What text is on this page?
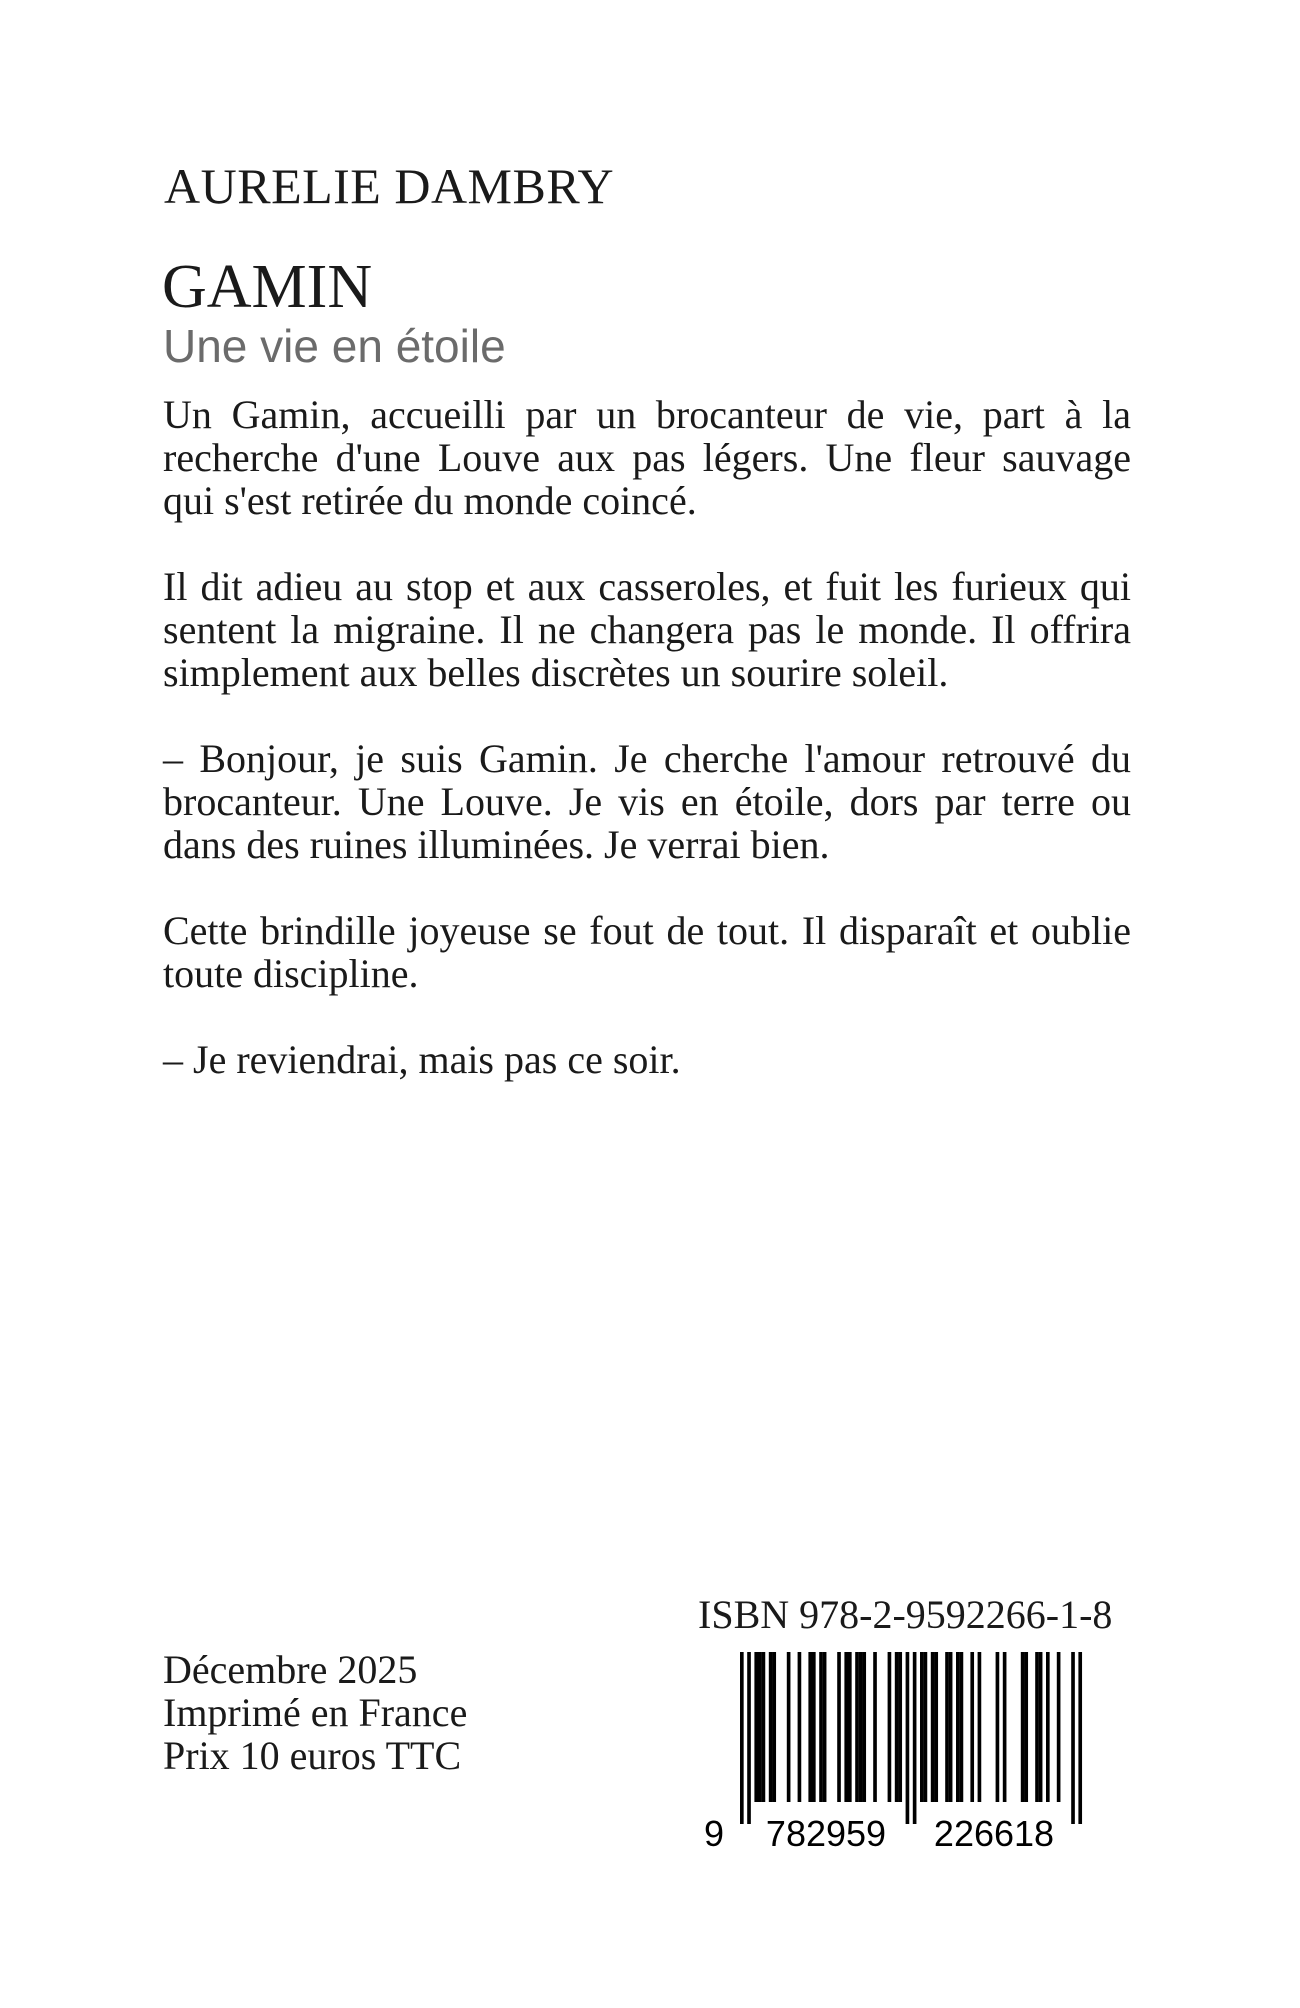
AURELIE DAMBRY
GAMIN
Une vie en étoile

Un Gamin, accueilli par un brocanteur de vie, part à la
recherche d'une Louve aux pas légers. Une fleur sauvage
qui s'est retirée du monde coincé.

Il dit adieu au stop et aux casseroles, et fuit les furieux qui
sentent la migraine. Il ne changera pas le monde. Il offrira
simplement aux belles discrètes un sourire soleil.

– Bonjour, je suis Gamin. Je cherche l'amour retrouvé du
brocanteur. Une Louve. Je vis en étoile, dors par terre ou
dans des ruines illuminées. Je verrai bien.

Cette brindille joyeuse se fout de tout. Il disparaît et oublie
toute discipline.

– Je reviendrai, mais pas ce soir.

ISBN 978-2-9592266-1-8
9 782959 226618
Décembre 2025
Imprimé en France
Prix 10 euros TTC
